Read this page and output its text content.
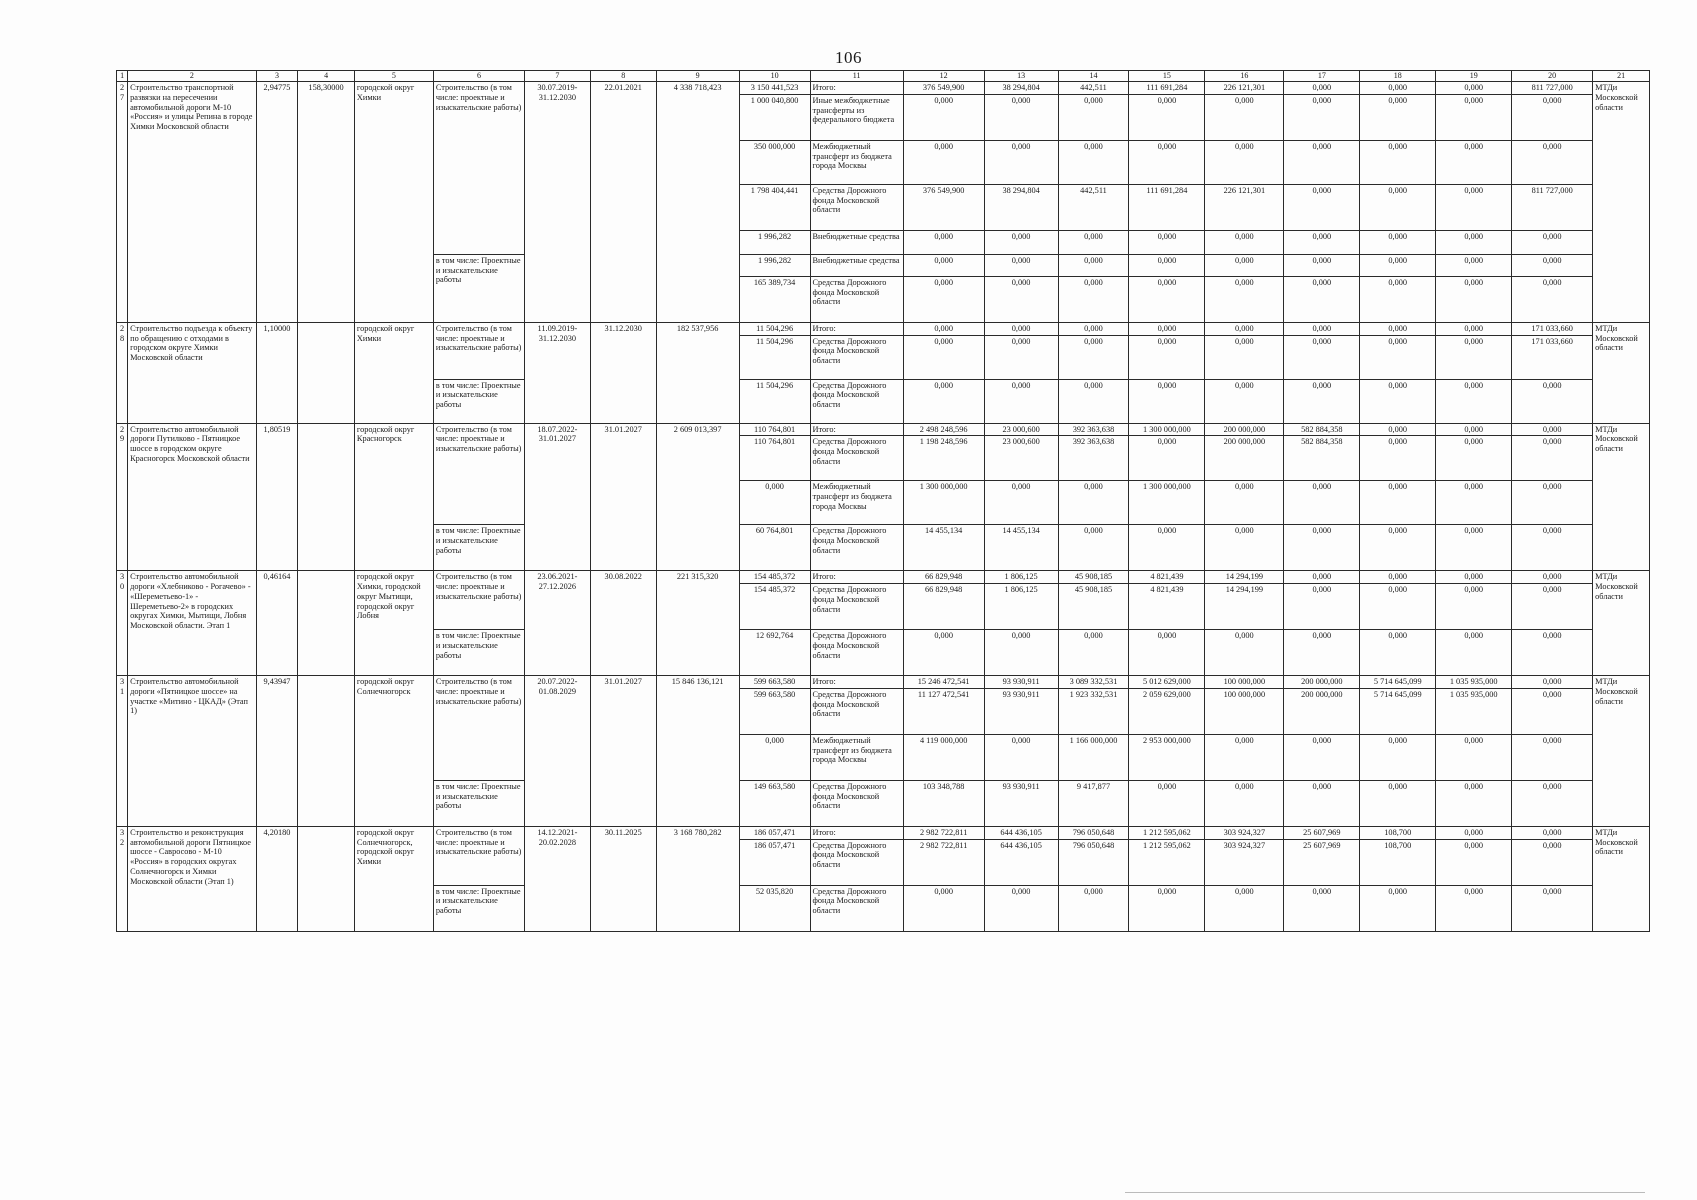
106
1	2	3	4	5	6	7	8	9	10	11	12	13	14	15	16	17	18	19	20	21
27	Строительство транспортной развязки на пересечении автомобильной дороги М-10 «Россия» и улицы Репина в городе Химки Московской области	2,94775	158,30000	городской округ Химки	Строительство (в том числе: проектные и изыскательские работы)	30.07.2019-31.12.2030	22.01.2021	4 338 718,423	3 150 441,523	Итого:	376 549,900	38 294,804	442,511	111 691,284	226 121,301	0,000	0,000	0,000	811 727,000	МТДи Московской области
									1 000 040,800	Иные межбюджетные трансферты из федерального бюджета	0,000	0,000	0,000	0,000	0,000	0,000	0,000	0,000	0,000	
									350 000,000	Межбюджетный трансферт из бюджета города Москвы	0,000	0,000	0,000	0,000	0,000	0,000	0,000	0,000	0,000	
									1 798 404,441	Средства Дорожного фонда Московской области	376 549,900	38 294,804	442,511	111 691,284	226 121,301	0,000	0,000	0,000	811 727,000	
									1 996,282	Внебюджетные средства	0,000	0,000	0,000	0,000	0,000	0,000	0,000	0,000	0,000	
					в том числе: Проектные и изыскательские работы				1 996,282	Внебюджетные средства	0,000	0,000	0,000	0,000	0,000	0,000	0,000	0,000	0,000	
									165 389,734	Средства Дорожного фонда Московской области	0,000	0,000	0,000	0,000	0,000	0,000	0,000	0,000	0,000	
28	Строительство подъезда к объекту по обращению с отходами в городском округе Химки Московской области	1,10000		городской округ Химки	Строительство (в том числе: проектные и изыскательские работы)	11.09.2019-31.12.2030	31.12.2030	182 537,956	11 504,296	Итого:	0,000	0,000	0,000	0,000	0,000	0,000	0,000	0,000	171 033,660	МТДи Московской области
									11 504,296	Средства Дорожного фонда Московской области	0,000	0,000	0,000	0,000	0,000	0,000	0,000	0,000	171 033,660	
					в том числе: Проектные и изыскательские работы				11 504,296	Средства Дорожного фонда Московской области	0,000	0,000	0,000	0,000	0,000	0,000	0,000	0,000	0,000	
29	Строительство автомобильной дороги Путилково - Пятницкое шоссе в городском округе Красногорск Московской области	1,80519		городской округ Красногорск	Строительство (в том числе: проектные и изыскательские работы)	18.07.2022-31.01.2027	31.01.2027	2 609 013,397	110 764,801	Итого:	2 498 248,596	23 000,600	392 363,638	1 300 000,000	200 000,000	582 884,358	0,000	0,000	0,000	МТДи Московской области
									110 764,801	Средства Дорожного фонда Московской области	1 198 248,596	23 000,600	392 363,638	0,000	200 000,000	582 884,358	0,000	0,000	0,000	
									0,000	Межбюджетный трансферт из бюджета города Москвы	1 300 000,000	0,000	0,000	1 300 000,000	0,000	0,000	0,000	0,000	0,000	
					в том числе: Проектные и изыскательские работы				60 764,801	Средства Дорожного фонда Московской области	14 455,134	14 455,134	0,000	0,000	0,000	0,000	0,000	0,000	0,000	
30	Строительство автомобильной дороги «Хлебниково - Рогачево» - «Шереметьево-1» - Шереметьево-2» в городских округах Химки, Мытищи, Лобня Московской области. Этап 1	0,46164		городской округ Химки, городской округ Мытищи, городской округ Лобня	Строительство (в том числе: проектные и изыскательские работы)	23.06.2021-27.12.2026	30.08.2022	221 315,320	154 485,372	Итого:	66 829,948	1 806,125	45 908,185	4 821,439	14 294,199	0,000	0,000	0,000	0,000	МТДи Московской области
									154 485,372	Средства Дорожного фонда Московской области	66 829,948	1 806,125	45 908,185	4 821,439	14 294,199	0,000	0,000	0,000	0,000	
					в том числе: Проектные и изыскательские работы				12 692,764	Средства Дорожного фонда Московской области	0,000	0,000	0,000	0,000	0,000	0,000	0,000	0,000	0,000	
31	Строительство автомобильной дороги «Пятницкое шоссе» на участке «Митино - ЦКАД» (Этап 1)	9,43947		городской округ Солнечногорск	Строительство (в том числе: проектные и изыскательские работы)	20.07.2022-01.08.2029	31.01.2027	15 846 136,121	599 663,580	Итого:	15 246 472,541	93 930,911	3 089 332,531	5 012 629,000	100 000,000	200 000,000	5 714 645,099	1 035 935,000	0,000	МТДи Московской области
									599 663,580	Средства Дорожного фонда Московской области	11 127 472,541	93 930,911	1 923 332,531	2 059 629,000	100 000,000	200 000,000	5 714 645,099	1 035 935,000	0,000	
									0,000	Межбюджетный трансферт из бюджета города Москвы	4 119 000,000	0,000	1 166 000,000	2 953 000,000	0,000	0,000	0,000	0,000	0,000	
					в том числе: Проектные и изыскательские работы				149 663,580	Средства Дорожного фонда Московской области	103 348,788	93 930,911	9 417,877	0,000	0,000	0,000	0,000	0,000	0,000	
32	Строительство и реконструкция автомобильной дороги Пятницкое шоссе - Савросово - М-10 «Россия» в городских округах Солнечногорск и Химки Московской области (Этап 1)	4,20180		городской округ Солнечногорск, городской округ Химки	Строительство (в том числе: проектные и изыскательские работы)	14.12.2021-20.02.2028	30.11.2025	3 168 780,282	186 057,471	Итого:	2 982 722,811	644 436,105	796 050,648	1 212 595,062	303 924,327	25 607,969	108,700	0,000	0,000	МТДи Московской области
									186 057,471	Средства Дорожного фонда Московской области	2 982 722,811	644 436,105	796 050,648	1 212 595,062	303 924,327	25 607,969	108,700	0,000	0,000	
					в том числе: Проектные и изыскательские работы				52 035,820	Средства Дорожного фонда Московской области	0,000	0,000	0,000	0,000	0,000	0,000	0,000	0,000	0,000	
